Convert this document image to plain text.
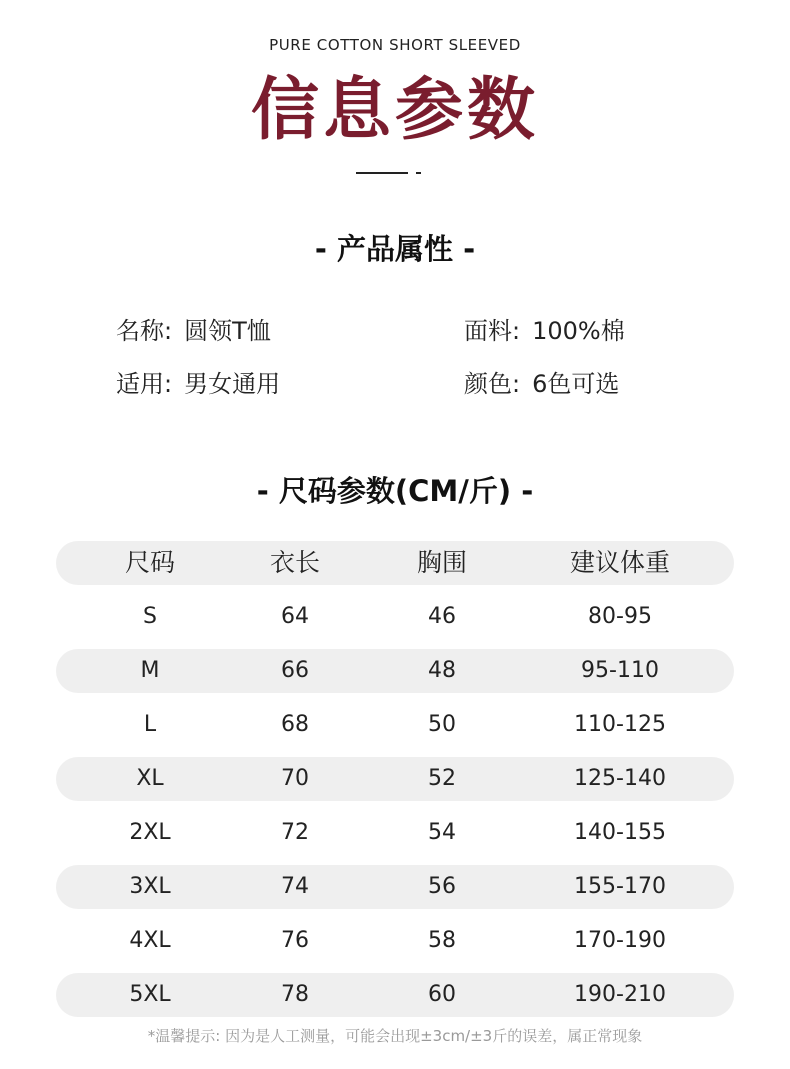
PURE COTTON SHORT SLEEVED
信息参数
- 产品属性 -
名称: 圆领T恤	面料: 100%棉
适用: 男女通用	颜色: 6色可选
- 尺码参数(CM/斤) -
尺码	衣长	胸围	建议体重
S	64	46	80-95
M	66	48	95-110
L	68	50	110-125
XL	70	52	125-140
2XL	72	54	140-155
3XL	74	56	155-170
4XL	76	58	170-190
5XL	78	60	190-210
*温馨提示: 因为是人工测量，可能会出现±3cm/±3斤的误差，属正常现象
